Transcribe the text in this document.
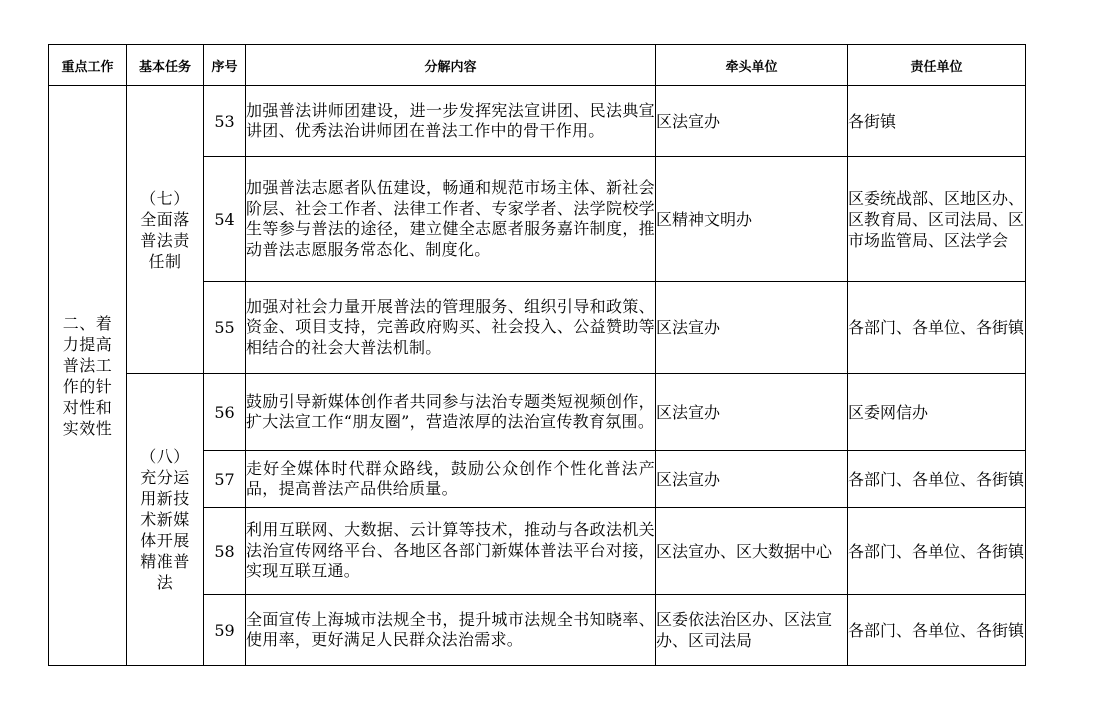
重点工作	基本任务	序号	分解内容	牵头单位	责任单位
二、着力提高普法工作的针对性和实效性	（七）全面落普法责任制	53	加强普法讲师团建设，进一步发挥宪法宣讲团、民法典宣讲团、优秀法治讲师团在普法工作中的骨干作用。	区法宣办	各街镇
		54	加强普法志愿者队伍建设，畅通和规范市场主体、新社会阶层、社会工作者、法律工作者、专家学者、法学院校学生等参与普法的途径，建立健全志愿者服务嘉许制度，推动普法志愿服务常态化、制度化。	区精神文明办	区委统战部、区地区办、区教育局、区司法局、区市场监管局、区法学会
		55	加强对社会力量开展普法的管理服务、组织引导和政策、资金、项目支持，完善政府购买、社会投入、公益赞助等相结合的社会大普法机制。	区法宣办	各部门、各单位、各街镇
	（八）充分运用新技术新媒体开展精准普法	56	鼓励引导新媒体创作者共同参与法治专题类短视频创作，扩大法宣工作“朋友圈”，营造浓厚的法治宣传教育氛围。	区法宣办	区委网信办
		57	走好全媒体时代群众路线，鼓励公众创作个性化普法产品，提高普法产品供给质量。	区法宣办	各部门、各单位、各街镇
		58	利用互联网、大数据、云计算等技术，推动与各政法机关法治宣传网络平台、各地区各部门新媒体普法平台对接，实现互联互通。	区法宣办、区大数据中心	各部门、各单位、各街镇
		59	全面宣传上海城市法规全书，提升城市法规全书知晓率、使用率，更好满足人民群众法治需求。	区委依法治区办、区法宣办、区司法局	各部门、各单位、各街镇
